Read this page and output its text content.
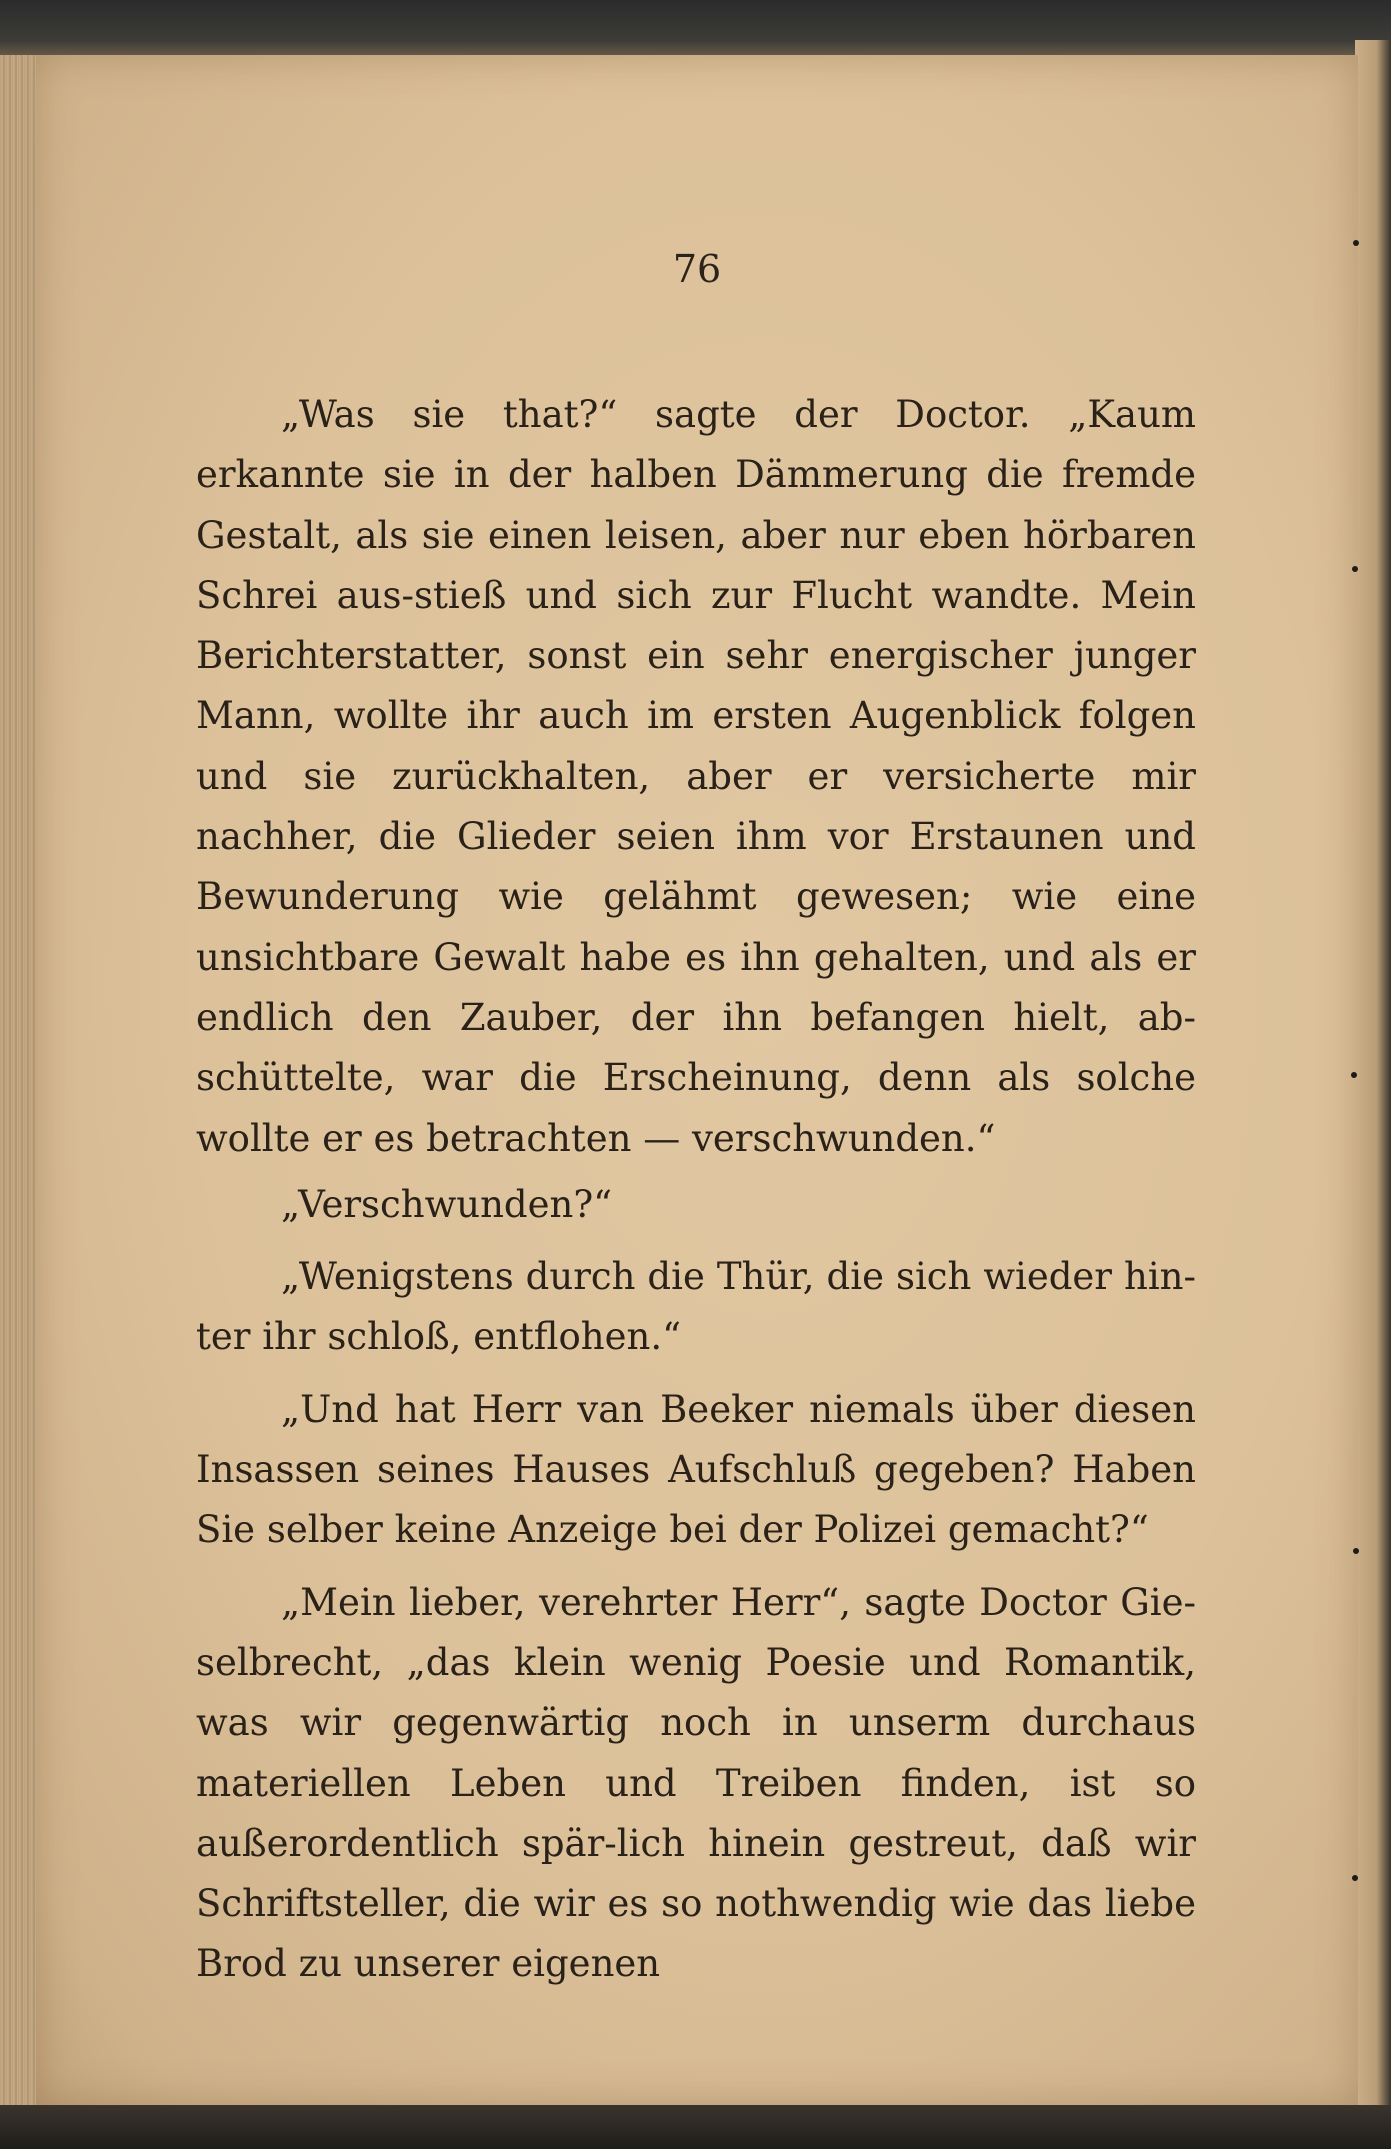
76

„Was sie that?“ sagte der Doctor. „Kaum erkannte sie in der halben Dämmerung die fremde Gestalt, als sie einen leisen, aber nur eben hörbaren Schrei aus-stieß und sich zur Flucht wandte. Mein Berichterstatter, sonst ein sehr energischer junger Mann, wollte ihr auch im ersten Augenblick folgen und sie zurückhalten, aber er versicherte mir nachher, die Glieder seien ihm vor Erstaunen und Bewunderung wie gelähmt gewesen; wie eine unsichtbare Gewalt habe es ihn gehalten, und als er endlich den Zauber, der ihn befangen hielt, ab-schüttelte, war die Erscheinung, denn als solche wollte er es betrachten — verschwunden.“

„Verschwunden?“

„Wenigstens durch die Thür, die sich wieder hin-ter ihr schloß, entflohen.“

„Und hat Herr van Beeker niemals über diesen Insassen seines Hauses Aufschluß gegeben? Haben Sie selber keine Anzeige bei der Polizei gemacht?“

„Mein lieber, verehrter Herr“, sagte Doctor Gie-selbrecht, „das klein wenig Poesie und Romantik, was wir gegenwärtig noch in unserm durchaus materiellen Leben und Treiben finden, ist so außerordentlich spär-lich hinein gestreut, daß wir Schriftsteller, die wir es so nothwendig wie das liebe Brod zu unserer eigenen
